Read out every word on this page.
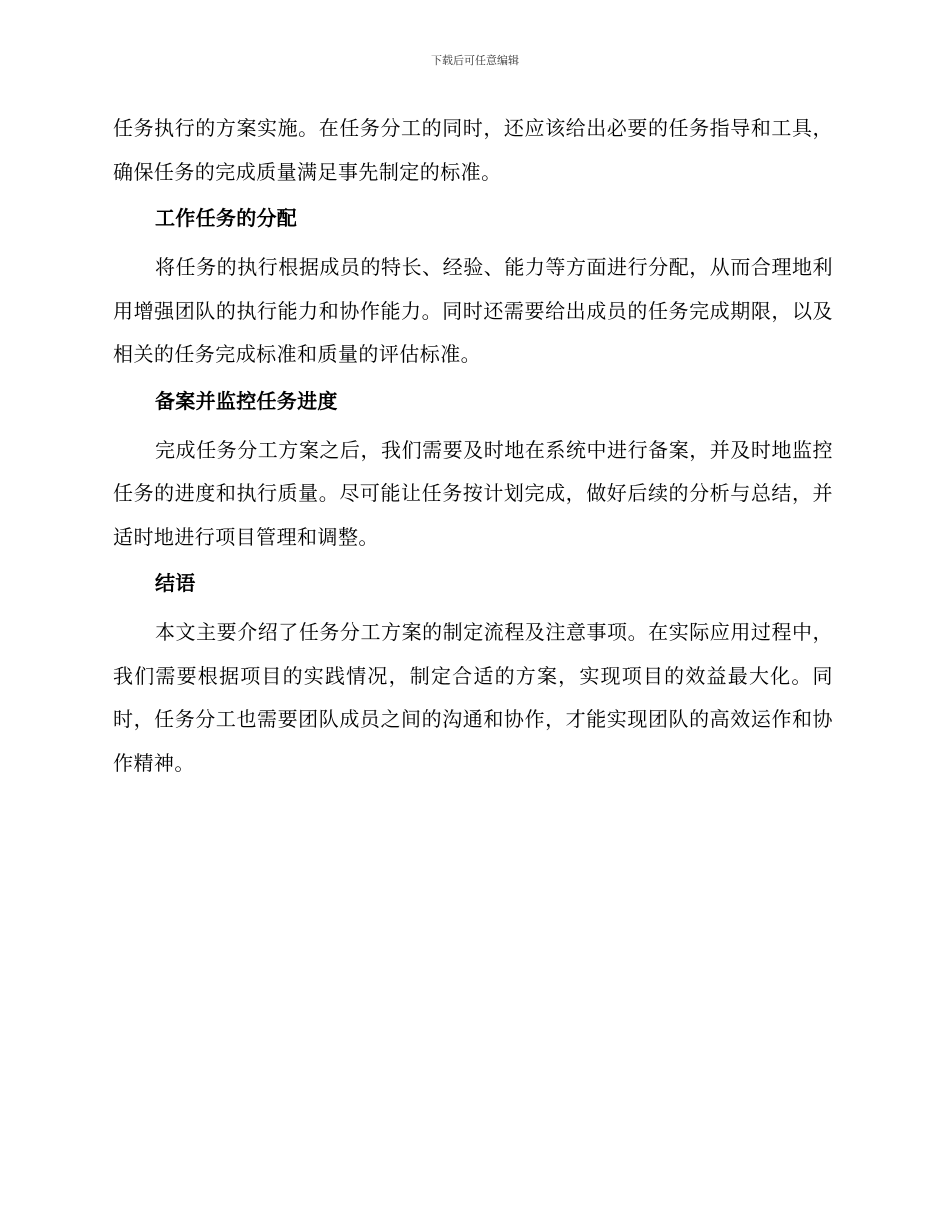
下载后可任意编辑

任务执行的方案实施。在任务分工的同时，还应该给出必要的任务指导和工具，确保任务的完成质量满足事先制定的标准。

工作任务的分配

将任务的执行根据成员的特长、经验、能力等方面进行分配，从而合理地利用增强团队的执行能力和协作能力。同时还需要给出成员的任务完成期限，以及相关的任务完成标准和质量的评估标准。

备案并监控任务进度

完成任务分工方案之后，我们需要及时地在系统中进行备案，并及时地监控任务的进度和执行质量。尽可能让任务按计划完成，做好后续的分析与总结，并适时地进行项目管理和调整。

结语

本文主要介绍了任务分工方案的制定流程及注意事项。在实际应用过程中，我们需要根据项目的实践情况，制定合适的方案，实现项目的效益最大化。同时，任务分工也需要团队成员之间的沟通和协作，才能实现团队的高效运作和协作精神。
